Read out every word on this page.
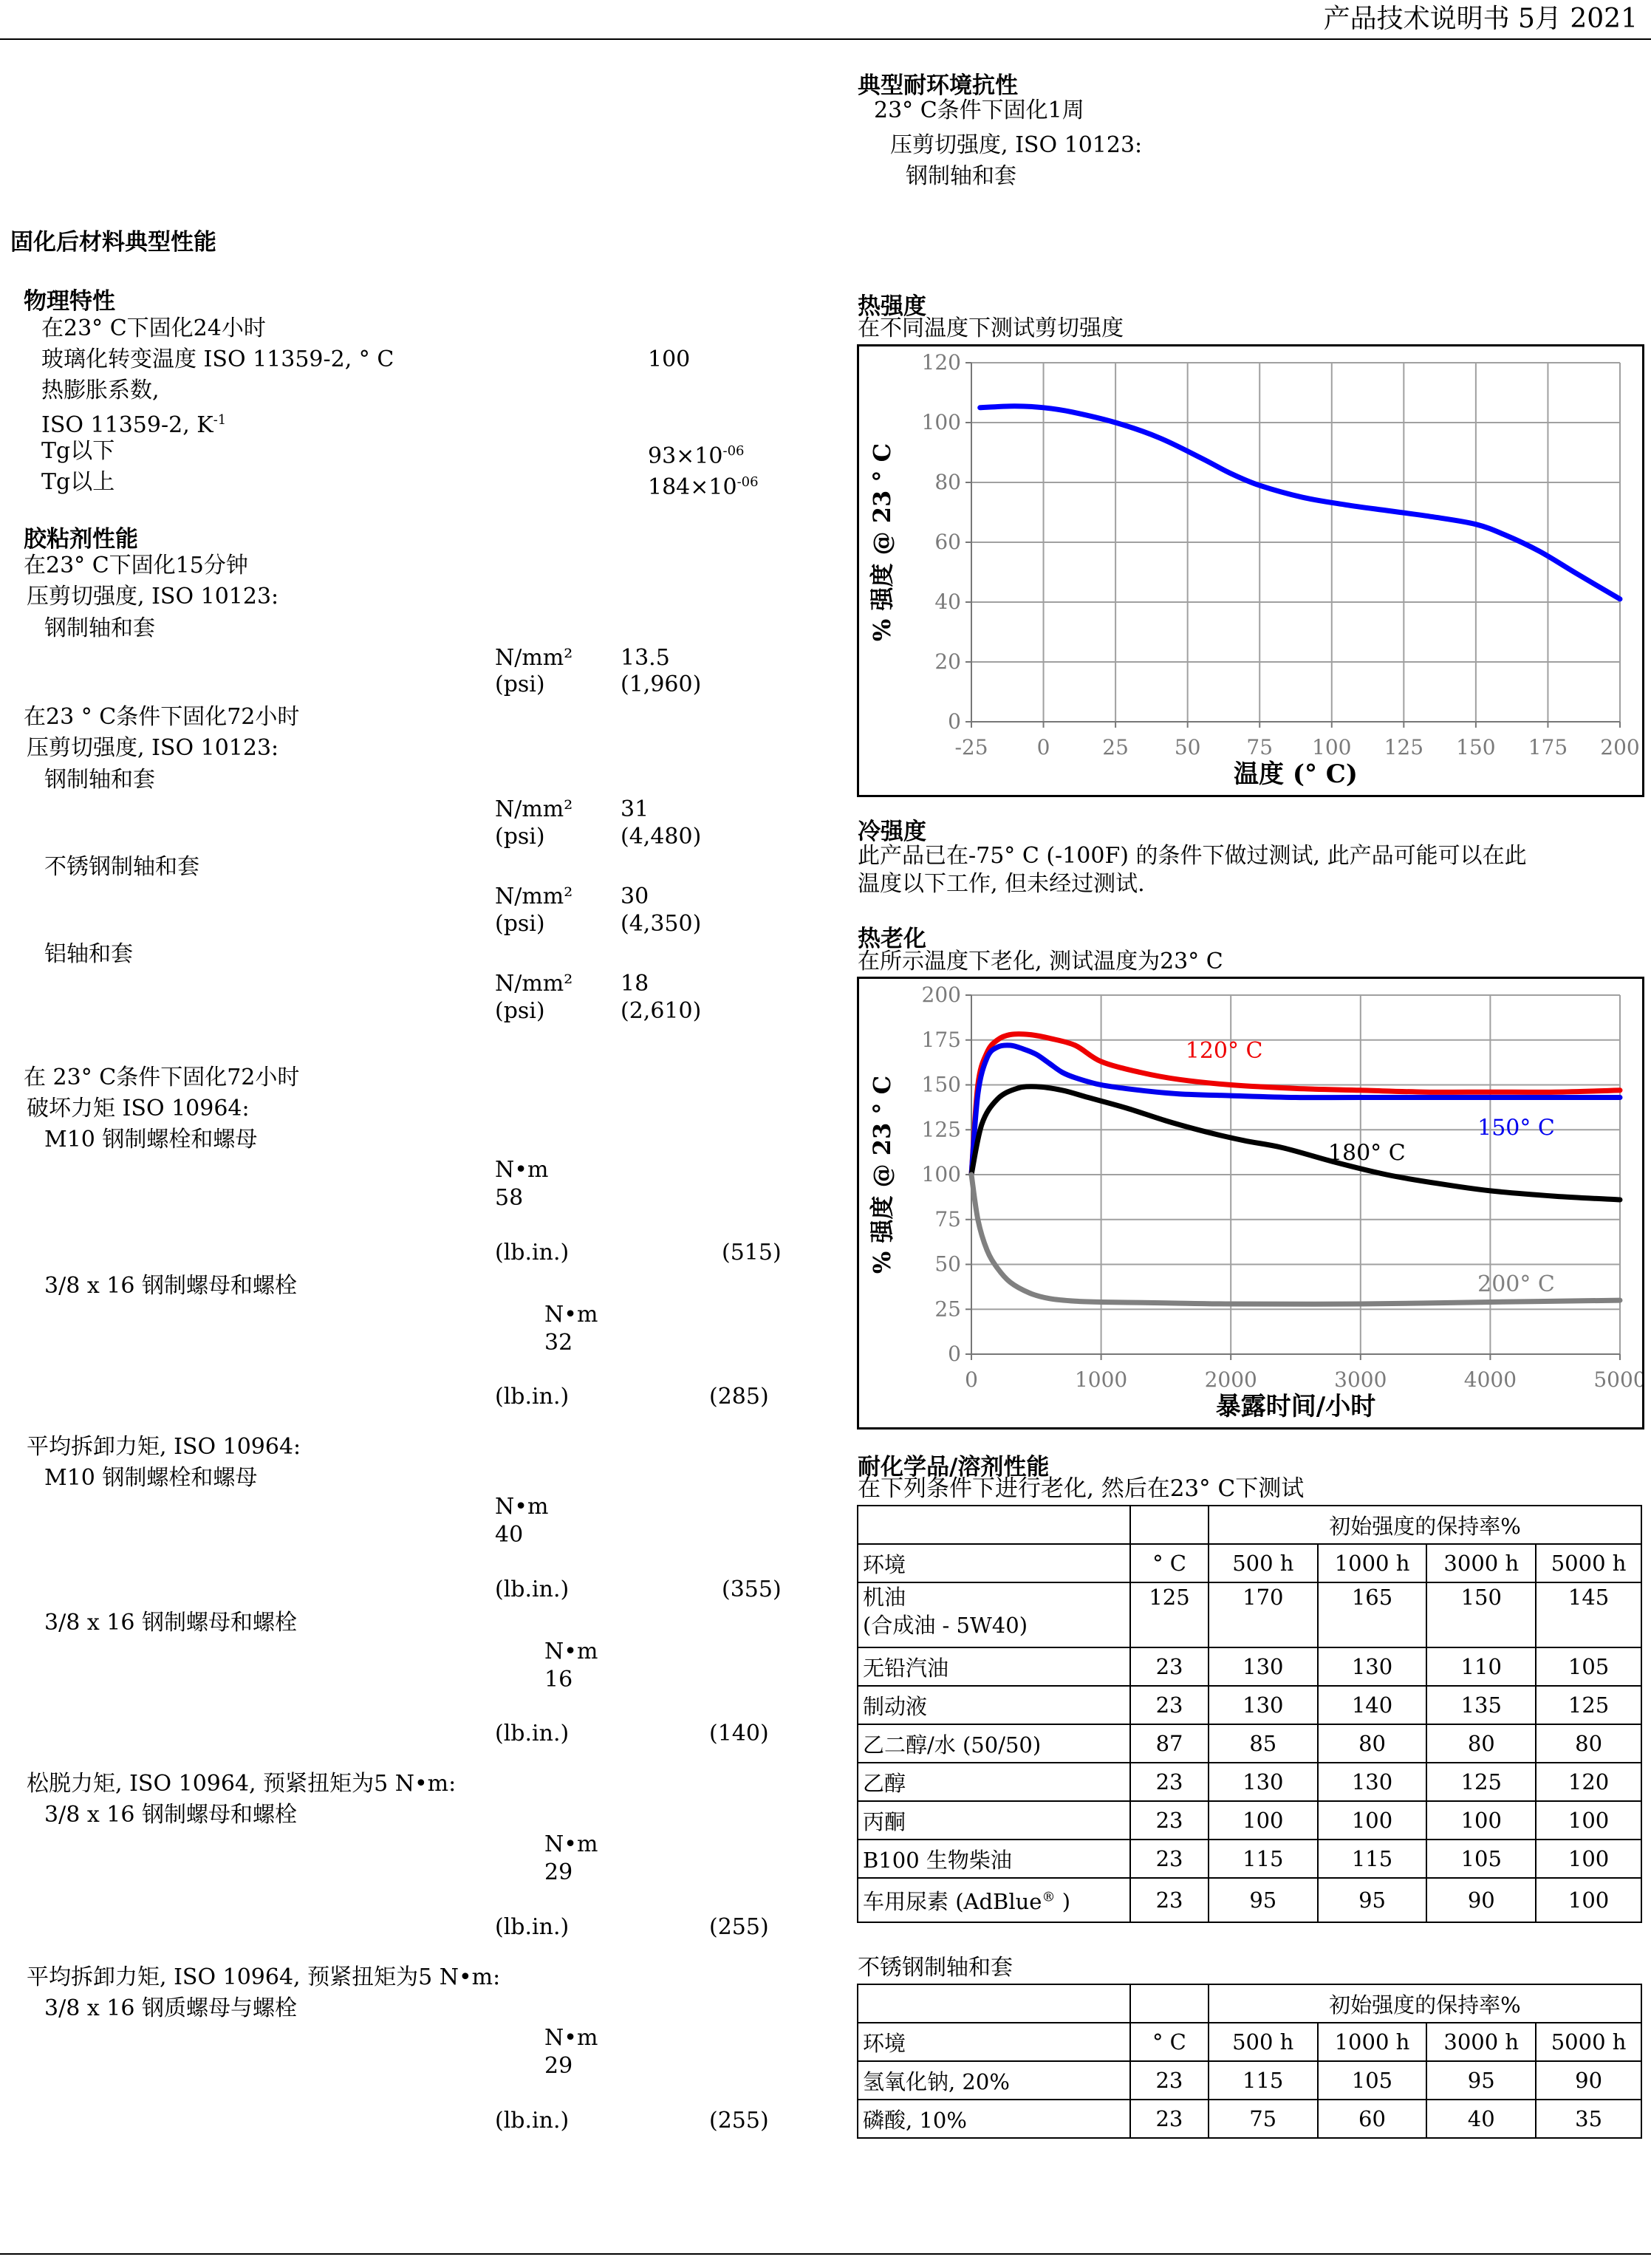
产品技术说明书 5月 2021
典型耐环境抗性
23° C条件下固化1周
压剪切强度, ISO 10123:
钢制轴和套
固化后材料典型性能
物理特性
在23° C下固化24小时
玻璃化转变温度 ISO 11359-2, ° C	100
热膨胀系数,
ISO 11359-2, $K^{-1}$
Tg以下	$93\times 10^{-06}$
Tg以上	$184\times 10^{-06}$
胶粘剂性能
在23° C下固化15分钟
压剪切强度, ISO 10123:
钢制轴和套
N/mm² 13.5
(psi)	(1,960)
在23 ° C条件下固化72小时
压剪切强度, ISO 10123:
钢制轴和套
N/mm² 31
(psi)	(4,480)
不锈钢制轴和套
N/mm² 30
(psi)	(4,350)
铝轴和套
N/mm² 18
(psi)	(2,610)
在 23° C条件下固化72小时
破坏力矩 ISO 10964:
M10 钢制螺栓和螺母
N•m
58
(lb.in.)	(515)
3/8 x 16 钢制螺母和螺栓
N•m
32
(lb.in.)	(285)
平均拆卸力矩, ISO 10964:
M10 钢制螺栓和螺母
N•m
40
(lb.in.)	(355)
3/8 x 16 钢制螺母和螺栓
N•m
16
(lb.in.)	(140)
松脱力矩, ISO 10964, 预紧扭矩为5 N•m:
3/8 x 16 钢制螺母和螺栓
N•m
29
(lb.in.)	(255)
平均拆卸力矩, ISO 10964, 预紧扭矩为5 N•m:
3/8 x 16 钢质螺母与螺栓
N•m
29
(lb.in.)	(255)
热强度
在不同温度下测试剪切强度
0
20
40
60
80
100
120
-25 0	25 50 75 100 125 150 175 200
温度 (° C)
% 强度 @ 23 ° C
冷强度
此产品已在-75° C (-100F) 的条件下做过测试, 此产品可能可以在此
温度以下工作, 但未经过测试.
热老化
在所示温度下老化, 测试温度为23° C
0
25
50
75
100
125
150
175
200
0	1000	2000	3000	4000	5000
暴露时间/小时
% 强度 @ 23 ° C
120° C
150° C
180° C
200° C
耐化学品/溶剂性能
在下列条件下进行老化, 然后在23° C下测试
		初始强度的保持率%			
环境	° C	500 h	1000 h	3000 h	5000 h
机油
(合成油 - 5W40)	125	170	165	150	145
无铅汽油	23	130	130	110	105
制动液	23	130	140	135	125
乙二醇/水 (50/50)	87	85	80	80	80
乙醇	23	130	130	125	120
丙酮	23	100	100	100	100
B100 生物柴油	23	115	115	105	100
车用尿素 (AdBlue® )	23	95	95	90	100
不锈钢制轴和套
		初始强度的保持率%			
环境	° C	500 h	1000 h	3000 h	5000 h
氢氧化钠, 20%	23	115	105	95	90
磷酸, 10%	23	75	60	40	35
